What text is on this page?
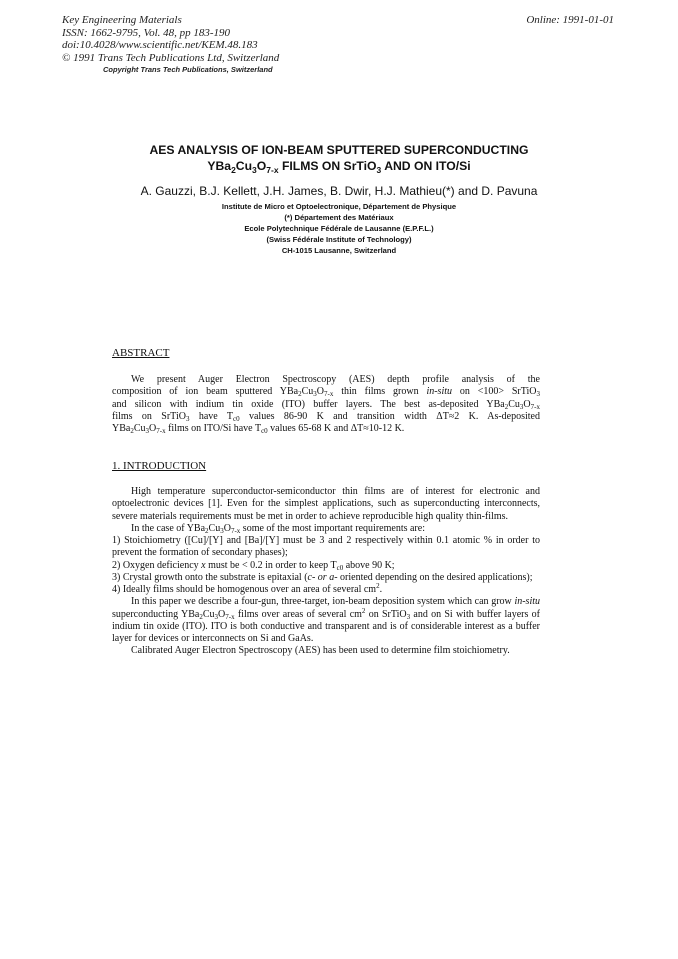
Key Engineering Materials
ISSN: 1662-9795, Vol. 48, pp 183-190
doi:10.4028/www.scientific.net/KEM.48.183
© 1991 Trans Tech Publications Ltd, Switzerland
Online: 1991-01-01
Copyright Trans Tech Publications, Switzerland
AES ANALYSIS OF ION-BEAM SPUTTERED SUPERCONDUCTING
$YBa_2Cu_3O_{7-x}$ FILMS ON SrTiO$_3$ AND ON ITO/Si
A. Gauzzi, B.J. Kellett, J.H. James, B. Dwir, H.J. Mathieu(*) and D. Pavuna
Institute de Micro et Optoelectronique, Département de Physique
(*) Département des Matériaux
Ecole Polytechnique Fédérale de Lausanne (E.P.F.L.)
(Swiss Fédérale Institute of Technology)
CH-1015 Lausanne, Switzerland
ABSTRACT
We present Auger Electron Spectroscopy (AES) depth profile analysis of the
composition of ion beam sputtered $YBa_2Cu_3O_{7-x}$ thin films grown in-situ on <100> SrTiO$_3$
and silicon with indium tin oxide (ITO) buffer layers. The best as-deposited $YBa_2Cu_3O_{7-x}$
films on SrTiO$_3$ have $T_{c0}$ values 86-90 K and transition width ΔT≈2 K. As-deposited
$YBa_2Cu_3O_{7-x}$ films on ITO/Si have $T_{c0}$ values 65-68 K and ΔT≈10-12 K.
1. INTRODUCTION

High temperature superconductor-semiconductor thin films are of interest for electronic and optoelectronic devices [1]. Even for the simplest applications, such as superconducting interconnects, severe materials requirements must be met in order to achieve reproducible high quality thin-films.

In the case of $YBa_2Cu_3O_{7-x}$ some of the most important requirements are:

1) Stoichiometry ([Cu]/[Y] and [Ba]/[Y] must be 3 and 2 respectively within 0.1 atomic % in order to prevent the formation of secondary phases);

2) Oxygen deficiency x must be < 0.2 in order to keep $T_{c0}$ above 90 K;

3) Crystal growth onto the substrate is epitaxial (c- or a- oriented depending on the desired applications);

4) Ideally films should be homogenous over an area of several $cm^2$.

In this paper we describe a four-gun, three-target, ion-beam deposition system which can grow in-situ superconducting $YBa_2Cu_3O_{7-x}$ films over areas of several $cm^2$ on SrTiO$_3$ and on Si with buffer layers of indium tin oxide (ITO). ITO is both conductive and transparent and is of considerable interest as a buffer layer for devices or interconnects on Si and GaAs.

Calibrated Auger Electron Spectroscopy (AES) has been used to determine film stoichiometry.
